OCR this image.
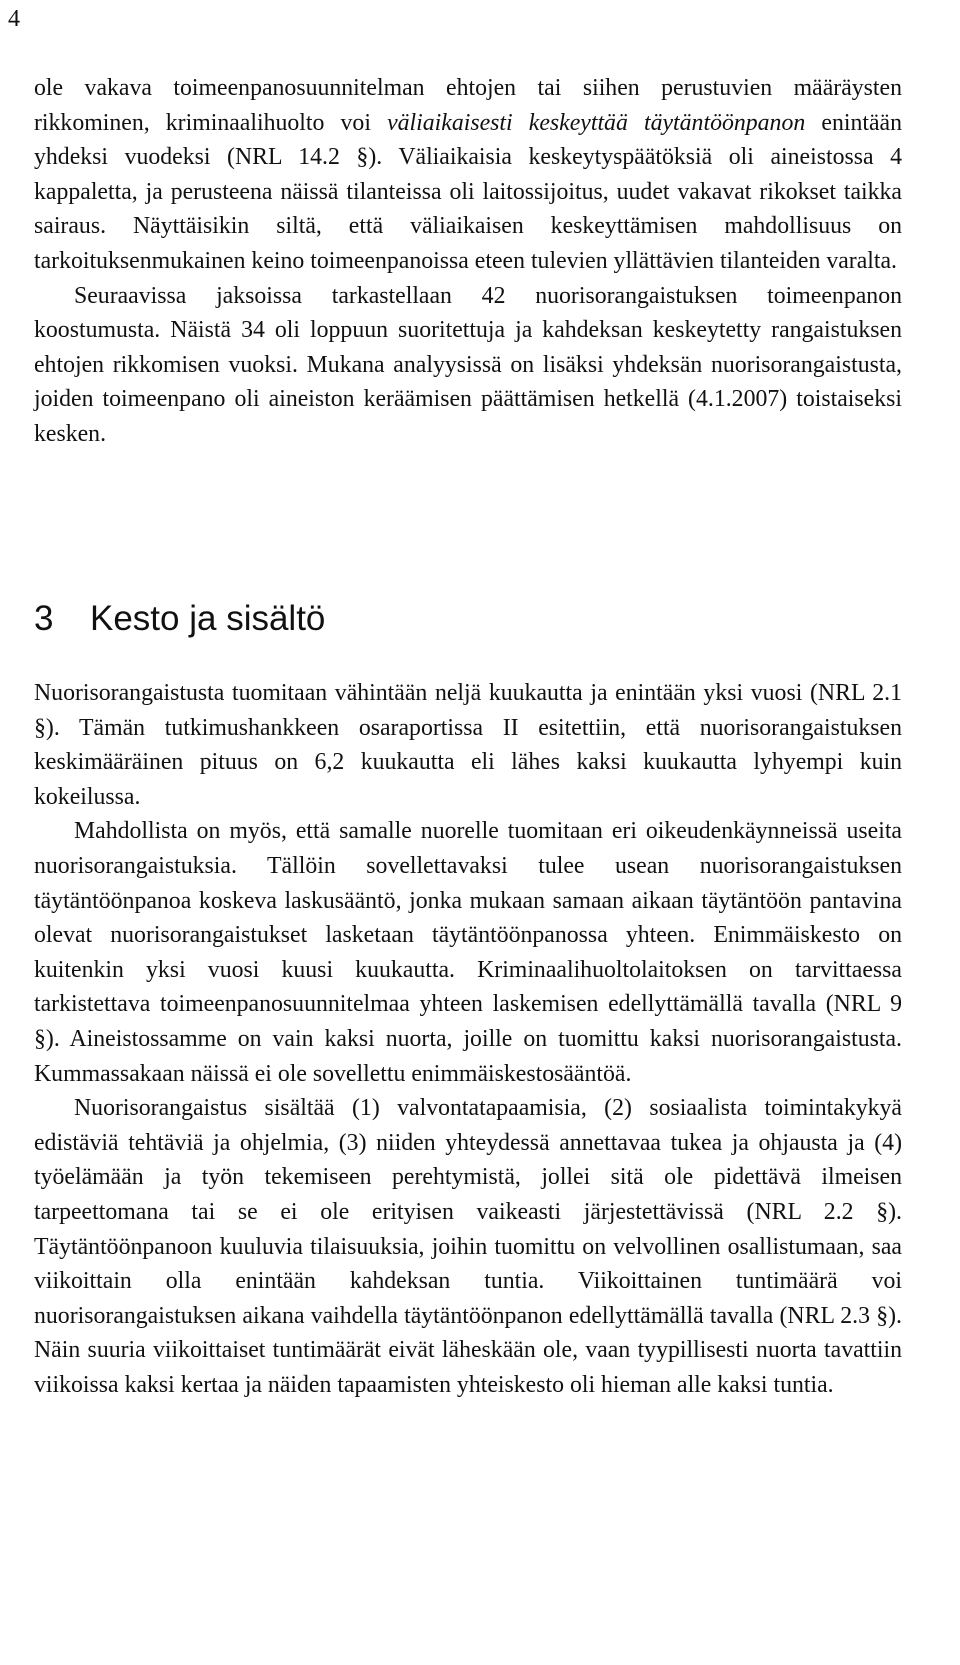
4

ole vakava toimeenpanosuunnitelman ehtojen tai siihen perustuvien määräysten rikkominen, kriminaalihuolto voi väliaikaisesti keskeyttää täytäntöönpanon enintään yhdeksi vuodeksi (NRL 14.2 §). Väliaikaisia keskeytyspäätöksiä oli aineistossa 4 kappaletta, ja perusteena näissä tilanteissa oli laitossijoitus, uudet vakavat rikokset taikka sairaus. Näyttäisikin siltä, että väliaikaisen keskeyttämisen mahdollisuus on tarkoituksenmukainen keino toimeenpanoissa eteen tulevien yllättävien tilanteiden varalta.

Seuraavissa jaksoissa tarkastellaan 42 nuorisorangaistuksen toimeenpanon koostumusta. Näistä 34 oli loppuun suoritettuja ja kahdeksan keskeytetty rangaistuksen ehtojen rikkomisen vuoksi. Mukana analyysissä on lisäksi yhdeksän nuorisorangaistusta, joiden toimeenpano oli aineiston keräämisen päättämisen hetkellä (4.1.2007) toistaiseksi kesken.

3 Kesto ja sisältö

Nuorisorangaistusta tuomitaan vähintään neljä kuukautta ja enintään yksi vuosi (NRL 2.1 §). Tämän tutkimushankkeen osaraportissa II esitettiin, että nuorisorangaistuksen keskimääräinen pituus on 6,2 kuukautta eli lähes kaksi kuukautta lyhyempi kuin kokeilussa.

Mahdollista on myös, että samalle nuorelle tuomitaan eri oikeudenkäynneissä useita nuorisorangaistuksia. Tällöin sovellettavaksi tulee usean nuorisorangaistuksen täytäntöönpanoa koskeva laskusääntö, jonka mukaan samaan aikaan täytäntöön pantavina olevat nuorisorangaistukset lasketaan täytäntöönpanossa yhteen. Enimmäiskesto on kuitenkin yksi vuosi kuusi kuukautta. Kriminaalihuoltolaitoksen on tarvittaessa tarkistettava toimeenpanosuunnitelmaa yhteen laskemisen edellyttämällä tavalla (NRL 9 §). Aineistossamme on vain kaksi nuorta, joille on tuomittu kaksi nuorisorangaistusta. Kummassakaan näissä ei ole sovellettu enimmäiskestosääntöä.

Nuorisorangaistus sisältää (1) valvontatapaamisia, (2) sosiaalista toimintakykyä edistäviä tehtäviä ja ohjelmia, (3) niiden yhteydessä annettavaa tukea ja ohjausta ja (4) työelämään ja työn tekemiseen perehtymistä, jollei sitä ole pidettävä ilmeisen tarpeettomana tai se ei ole erityisen vaikeasti järjestettävissä (NRL 2.2 §). Täytäntöönpanoon kuuluvia tilaisuuksia, joihin tuomittu on velvollinen osallistumaan, saa viikoittain olla enintään kahdeksan tuntia. Viikoittainen tuntimäärä voi nuorisorangaistuksen aikana vaihdella täytäntöönpanon edellyttämällä tavalla (NRL 2.3 §). Näin suuria viikoittaiset tuntimäärät eivät läheskään ole, vaan tyypillisesti nuorta tavattiin viikoissa kaksi kertaa ja näiden tapaamisten yhteiskesto oli hieman alle kaksi tuntia.
